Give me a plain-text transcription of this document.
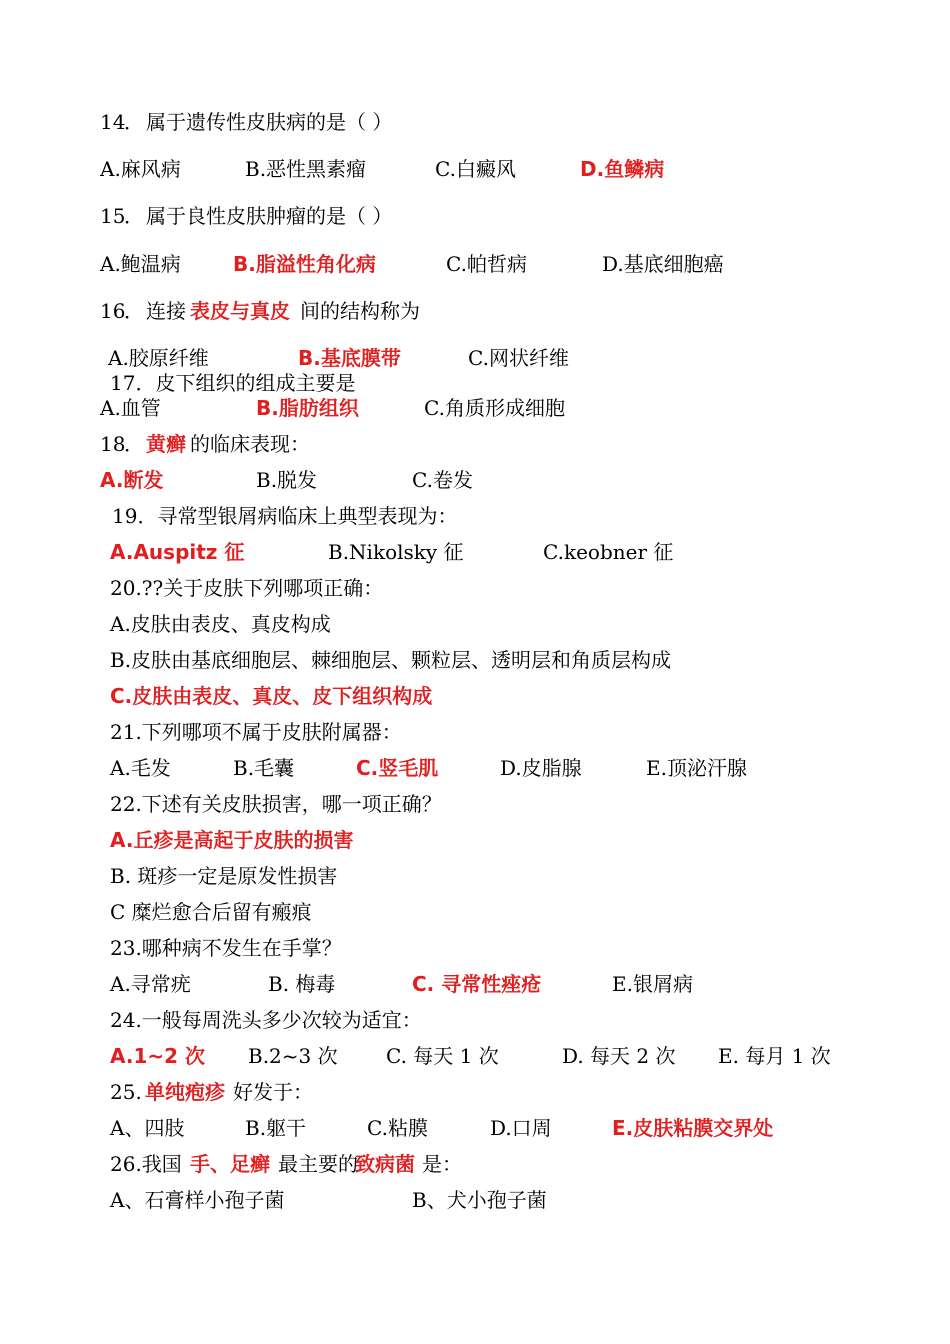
14
． 属于遗传性皮肤病的是（ ）
A.麻风病	B.恶性黑素瘤	C.白癜风	D.鱼鳞病
15
． 属于良性皮肤肿瘤的是（ ）
A.鲍温病	B.脂溢性角化病	C.帕哲病	D.基底细胞癌
16
． 连接 表皮与真皮 间的结构称为
A.胶原纤维	B.基底膜带	C.网状纤维
17．皮下组织的组成主要是
A.血管	B.脂肪组织	C.角质形成细胞
18
． 黄癣 的临床表现：
A.断发	B.脱发	C.卷发
19．寻常型银屑病临床上典型表现为：
A.Auspitz 征	B.Nikolsky 征	C.keobner 征
20.??关于皮肤下列哪项正确：
A.皮肤由表皮、真皮构成
B.皮肤由基底细胞层、棘细胞层、颗粒层、透明层和角质层构成
C.皮肤由表皮、真皮、皮下组织构成
21.下列哪项不属于皮肤附属器：
A.毛发	B.毛囊	C.竖毛肌	D.皮脂腺	E.顶泌汗腺
22.下述有关皮肤损害，哪一项正确？
A.丘疹是高起于皮肤的损害
B. 斑疹一定是原发性损害
C 糜烂愈合后留有瘢痕
23.哪种病不发生在手掌？
A.寻常疣	B. 梅毒	C. 寻常性痤疮	E.银屑病
24.一般每周洗头多少次较为适宜：
A.1~2 次 B.2~3 次 C. 每天 1 次	D. 每天 2 次 E. 每月 1 次
25. 单纯疱疹 好发于：
A、四肢	B.躯干	C.粘膜	D.口周	E.皮肤粘膜交界处
26.我国 手、足癣 最主要的
致病菌 是：
A、石膏样小孢子菌	B、犬小孢子菌
